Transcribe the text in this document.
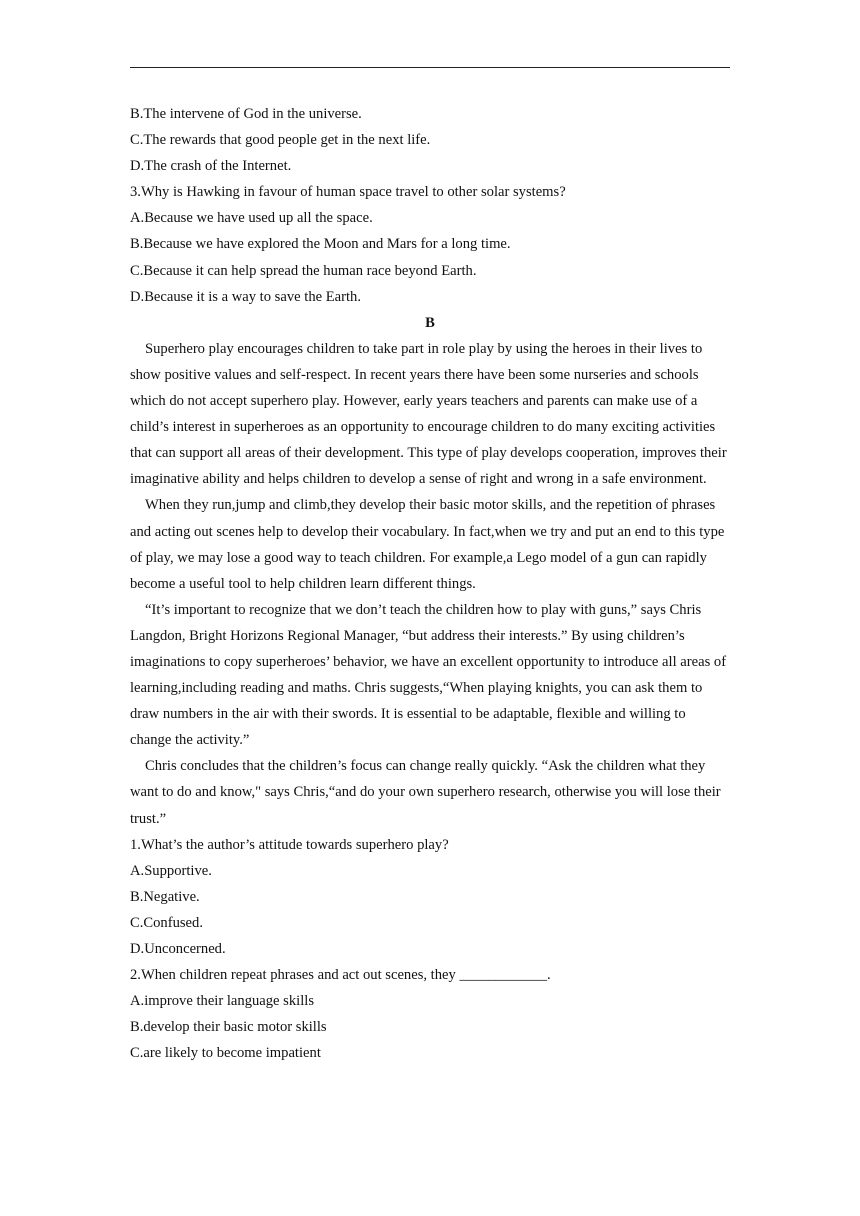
B.The intervene of God in the universe.

C.The rewards that good people get in the next life.

D.The crash of the Internet.

3.Why is Hawking in favour of human space travel to other solar systems?

A.Because we have used up all the space.

B.Because we have explored the Moon and Mars for a long time.

C.Because it can help spread the human race beyond Earth.

D.Because it is a way to save the Earth.

B

Superhero play encourages children to take part in role play by using the heroes in their lives to show positive values and self-respect. In recent years there have been some nurseries and schools which do not accept superhero play. However, early years teachers and parents can make use of a child’s interest in superheroes as an opportunity to encourage children to do many exciting activities that can support all areas of their development. This type of play develops cooperation, improves their imaginative ability and helps children to develop a sense of right and wrong in a safe environment.

When they run,jump and climb,they develop their basic motor skills, and the repetition of phrases and acting out scenes help to develop their vocabulary. In fact,when we try and put an end to this type of play, we may lose a good way to teach children. For example,a Lego model of a gun can rapidly become a useful tool to help children learn different things.

“It’s important to recognize that we don’t teach the children how to play with guns,” says Chris Langdon, Bright Horizons Regional Manager, “but address their interests.” By using children’s imaginations to copy superheroes’ behavior, we have an excellent opportunity to introduce all areas of learning,including reading and maths. Chris suggests,“When playing knights, you can ask them to draw numbers in the air with their swords. It is essential to be adaptable, flexible and willing to change the activity.”

Chris concludes that the children’s focus can change really quickly. “Ask the children what they want to do and know," says Chris,“and do your own superhero research, otherwise you will lose their trust.”

1.What’s the author’s attitude towards superhero play?

A.Supportive.

B.Negative.

C.Confused.

D.Unconcerned.

2.When children repeat phrases and act out scenes, they ____________.

A.improve their language skills

B.develop their basic motor skills

C.are likely to become impatient
